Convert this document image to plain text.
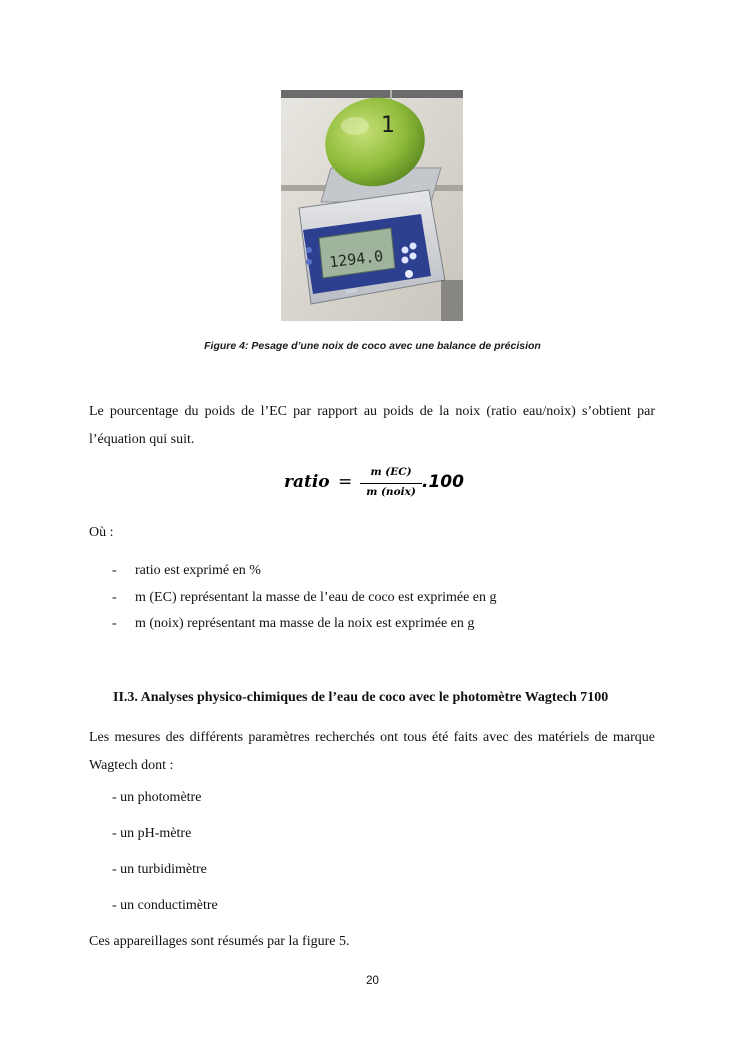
1294.0
TARE
1
Figure 4: Pesage d’une noix de coco avec une balance de précision
Le pourcentage du poids de l’EC par rapport au poids de la noix (ratio eau/noix) s’obtient par l’équation qui suit.
ratio =	m (EC)
m (noix) .100
Où :
- ratio est exprimé en %
- m (EC) représentant la masse de l’eau de coco est exprimée en g
- m (noix) représentant ma masse de la noix est exprimée en g
II.3. Analyses physico-chimiques de l’eau de coco avec le photomètre Wagtech 7100
Les mesures des différents paramètres recherchés ont tous été faits avec des matériels de marque Wagtech dont :
- un photomètre
- un pH-mètre
- un turbidimètre
- un conductimètre
Ces appareillages sont résumés par la figure 5.
20
